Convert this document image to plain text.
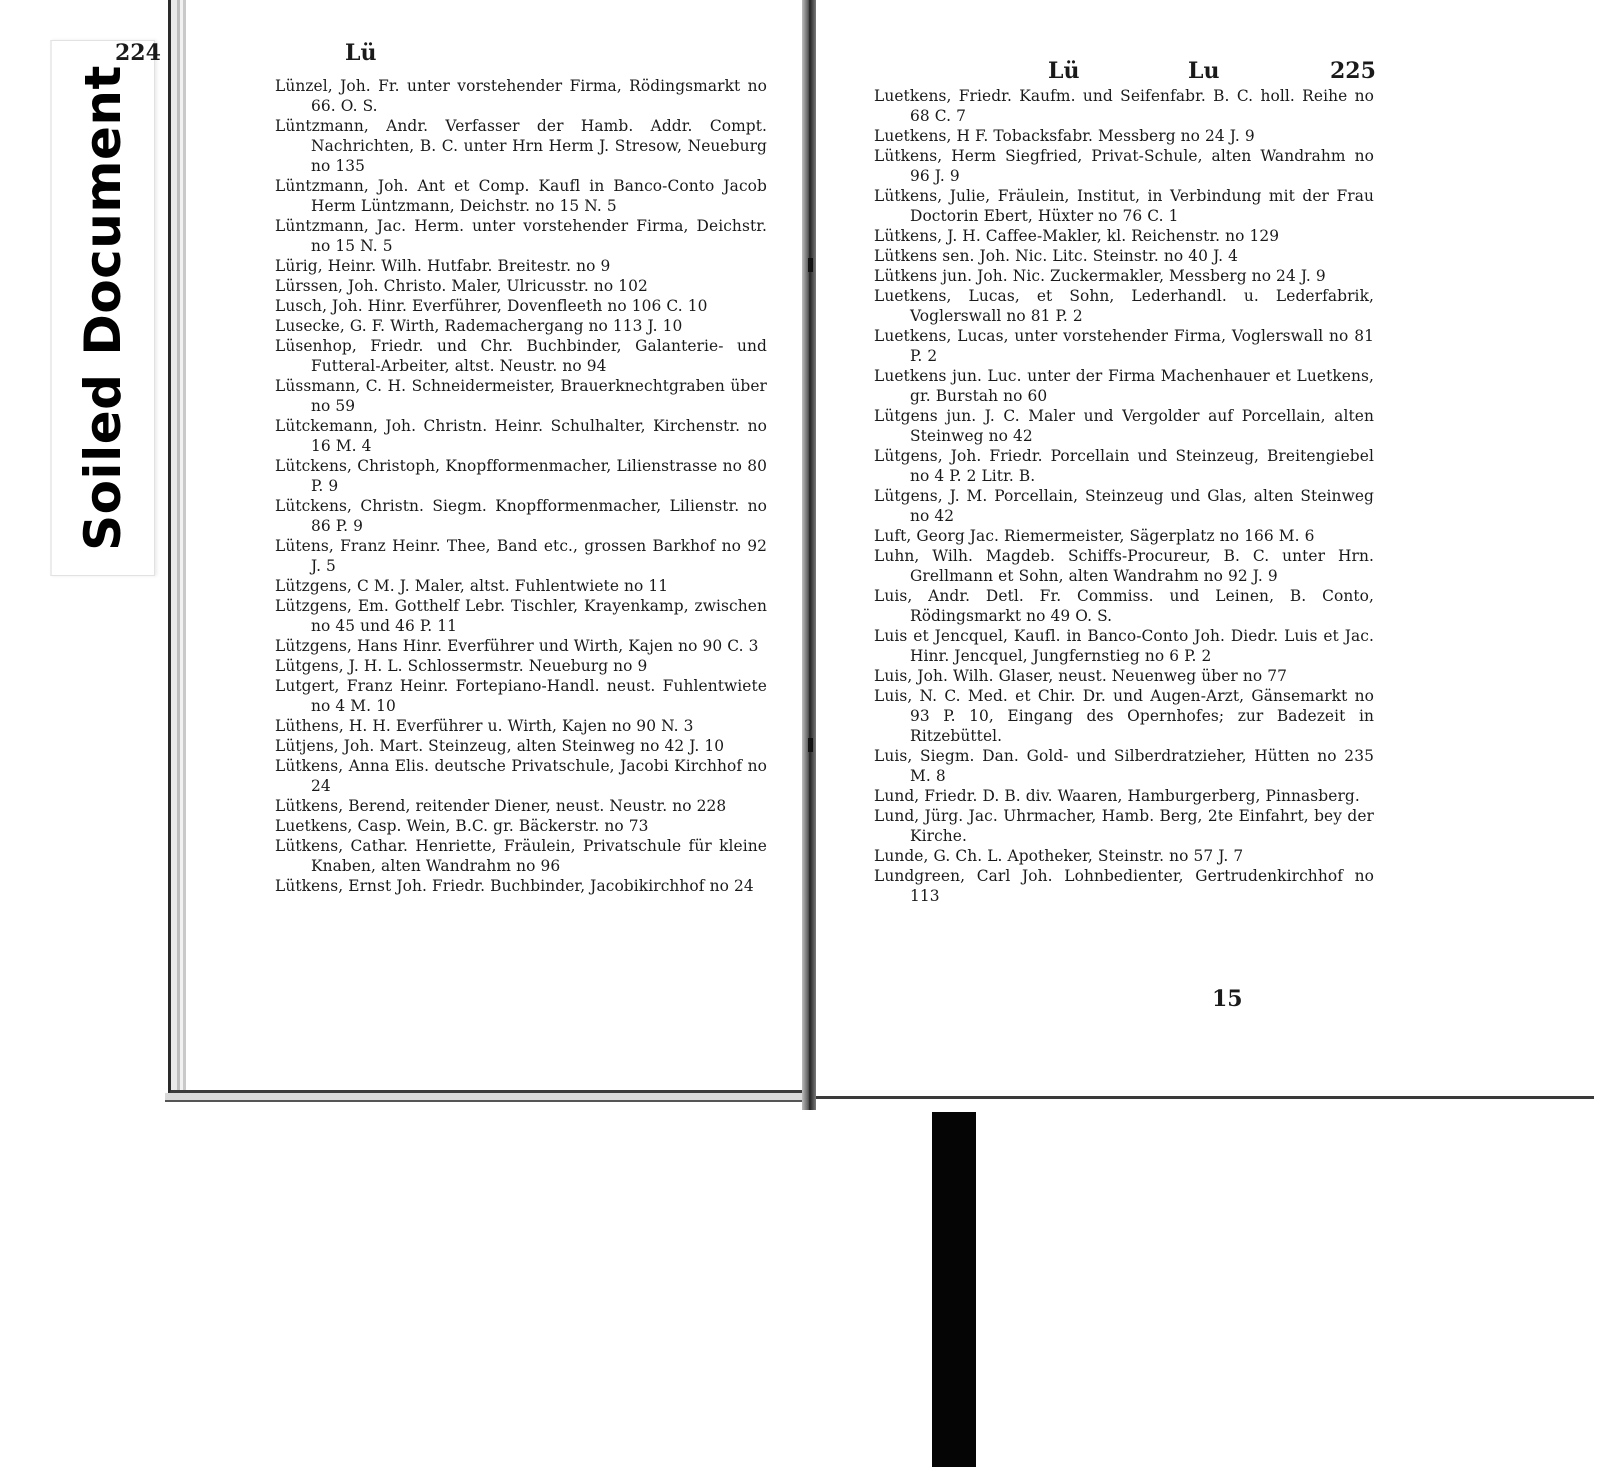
Soiled Document
224	Lü
Lü	Lu	225

Lünzel, Joh. Fr. unter vorstehender Firma, Rödingsmarkt no 66. O. S.

Lüntzmann, Andr. Verfasser der Hamb. Addr. Compt. Nachrichten, B. C. unter Hrn Herm J. Stresow, Neueburg no 135

Lüntzmann, Joh. Ant et Comp. Kaufl in Banco-Conto Jacob Herm Lüntzmann, Deichstr. no 15 N. 5

Lüntzmann, Jac. Herm. unter vorstehender Firma, Deichstr. no 15 N. 5

Lürig, Heinr. Wilh. Hutfabr. Breitestr. no 9

Lürssen, Joh. Christo. Maler, Ulricusstr. no 102

Lusch, Joh. Hinr. Everführer, Dovenfleeth no 106 C. 10

Lusecke, G. F. Wirth, Rademachergang no 113 J. 10

Lüsenhop, Friedr. und Chr. Buchbinder, Galanterie- und Futteral-Arbeiter, altst. Neustr. no 94

Lüssmann, C. H. Schneidermeister, Brauerknechtgraben über no 59

Lütckemann, Joh. Christn. Heinr. Schulhalter, Kirchenstr. no 16 M. 4

Lütckens, Christoph, Knopfformenmacher, Lilienstrasse no 80 P. 9

Lütckens, Christn. Siegm. Knopfformenmacher, Lilienstr. no 86 P. 9

Lütens, Franz Heinr. Thee, Band etc., grossen Barkhof no 92 J. 5

Lützgens, C M. J. Maler, altst. Fuhlentwiete no 11

Lützgens, Em. Gotthelf Lebr. Tischler, Krayenkamp, zwischen no 45 und 46 P. 11

Lützgens, Hans Hinr. Everführer und Wirth, Kajen no 90 C. 3

Lütgens, J. H. L. Schlossermstr. Neueburg no 9

Lutgert, Franz Heinr. Fortepiano-Handl. neust. Fuhlentwiete no 4 M. 10

Lüthens, H. H. Everführer u. Wirth, Kajen no 90 N. 3

Lütjens, Joh. Mart. Steinzeug, alten Steinweg no 42 J. 10

Lütkens, Anna Elis. deutsche Privatschule, Jacobi Kirchhof no 24

Lütkens, Berend, reitender Diener, neust. Neustr. no 228

Luetkens, Casp. Wein, B.C. gr. Bäckerstr. no 73

Lütkens, Cathar. Henriette, Fräulein, Privatschule für kleine Knaben, alten Wandrahm no 96

Lütkens, Ernst Joh. Friedr. Buchbinder, Jacobikirchhof no 24

Luetkens, Friedr. Kaufm. und Seifenfabr. B. C. holl. Reihe no 68 C. 7

Luetkens, H F. Tobacksfabr. Messberg no 24 J. 9

Lütkens, Herm Siegfried, Privat-Schule, alten Wandrahm no 96 J. 9

Lütkens, Julie, Fräulein, Institut, in Verbindung mit der Frau Doctorin Ebert, Hüxter no 76 C. 1

Lütkens, J. H. Caffee-Makler, kl. Reichenstr. no 129

Lütkens sen. Joh. Nic. Litc. Steinstr. no 40 J. 4

Lütkens jun. Joh. Nic. Zuckermakler, Messberg no 24 J. 9

Luetkens, Lucas, et Sohn, Lederhandl. u. Lederfabrik, Voglerswall no 81 P. 2

Luetkens, Lucas, unter vorstehender Firma, Voglerswall no 81 P. 2

Luetkens jun. Luc. unter der Firma Machenhauer et Luetkens, gr. Burstah no 60

Lütgens jun. J. C. Maler und Vergolder auf Porcellain, alten Steinweg no 42

Lütgens, Joh. Friedr. Porcellain und Steinzeug, Breitengiebel no 4 P. 2 Litr. B.

Lütgens, J. M. Porcellain, Steinzeug und Glas, alten Steinweg no 42

Luft, Georg Jac. Riemermeister, Sägerplatz no 166 M. 6

Luhn, Wilh. Magdeb. Schiffs-Procureur, B. C. unter Hrn. Grellmann et Sohn, alten Wandrahm no 92 J. 9

Luis, Andr. Detl. Fr. Commiss. und Leinen, B. Conto, Rödingsmarkt no 49 O. S.

Luis et Jencquel, Kaufl. in Banco-Conto Joh. Diedr. Luis et Jac. Hinr. Jencquel, Jungfernstieg no 6 P. 2

Luis, Joh. Wilh. Glaser, neust. Neuenweg über no 77

Luis, N. C. Med. et Chir. Dr. und Augen-Arzt, Gänsemarkt no 93 P. 10, Eingang des Opernhofes; zur Badezeit in Ritzebüttel.

Luis, Siegm. Dan. Gold- und Silberdratzieher, Hütten no 235 M. 8

Lund, Friedr. D. B. div. Waaren, Hamburgerberg, Pinnasberg.

Lund, Jürg. Jac. Uhrmacher, Hamb. Berg, 2te Einfahrt, bey der Kirche.

Lunde, G. Ch. L. Apotheker, Steinstr. no 57 J. 7

Lundgreen, Carl Joh. Lohnbedienter, Gertrudenkirchhof no 113

15
